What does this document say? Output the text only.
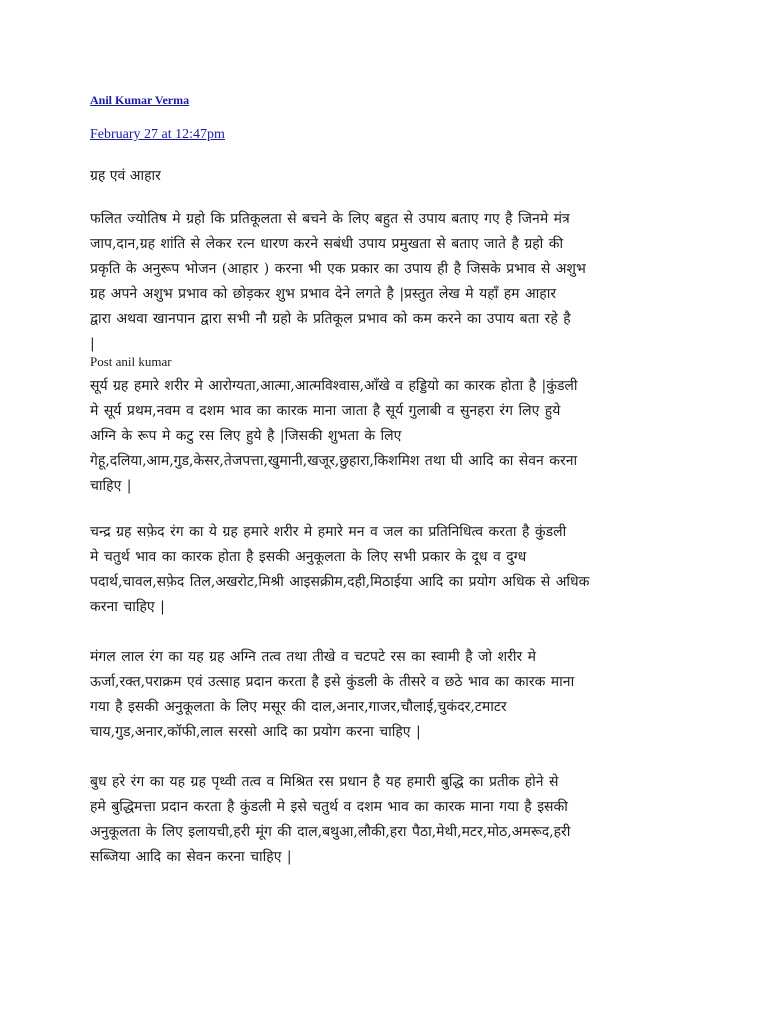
Anil Kumar Verma
February 27 at 12:47pm
ग्रह एवं आहार

फलित ज्योतिष मे ग्रहो कि प्रतिकूलता से बचने के लिए बहुत से उपाय बताए गए है जिनमे मंत्र
जाप,दान,ग्रह शांति से लेकर रत्न धारण करने सबंधी उपाय प्रमुखता से बताए जाते है ग्रहो की
प्रकृति के अनुरूप भोजन (आहार ) करना भी एक प्रकार का उपाय ही है जिसके प्रभाव से अशुभ
ग्रह अपने अशुभ प्रभाव को छोड़कर शुभ प्रभाव देने लगते है |प्रस्तुत लेख मे यहाँ हम आहार
द्वारा अथवा खानपान द्वारा सभी नौ ग्रहो के प्रतिकूल प्रभाव को कम करने का उपाय बता रहे है
|

Post anil kumar

सूर्य ग्रह हमारे शरीर मे आरोग्यता,आत्मा,आत्मविश्वास,आँखे व हड्डियो का कारक होता है |कुंडली
मे सूर्य प्रथम,नवम व दशम भाव का कारक माना जाता है सूर्य गुलाबी व सुनहरा रंग लिए हुये
अग्नि के रूप मे कटु रस लिए हुये है |जिसकी शुभता के लिए
गेहू,दलिया,आम,गुड,केसर,तेजपत्ता,खुमानी,खजूर,छुहारा,किशमिश तथा घी आदि का सेवन करना
चाहिए |

चन्द्र ग्रह सफ़ेद रंग का ये ग्रह हमारे शरीर मे हमारे मन व जल का प्रतिनिधित्व करता है कुंडली
मे चतुर्थ भाव का कारक होता है इसकी अनुकूलता के लिए सभी प्रकार के दूध व दुग्ध
पदार्थ,चावल,सफ़ेद तिल,अखरोट,मिश्री आइसक्रीम,दही,मिठाईया आदि का प्रयोग अधिक से अधिक
करना चाहिए |

मंगल लाल रंग का यह ग्रह अग्नि तत्व तथा तीखे व चटपटे रस का स्वामी है जो शरीर मे
ऊर्जा,रक्त,पराक्रम एवं उत्साह प्रदान करता है इसे कुंडली के तीसरे व छठे भाव का कारक माना
गया है इसकी अनुकूलता के लिए मसूर की दाल,अनार,गाजर,चौलाई,चुकंदर,टमाटर
चाय,गुड,अनार,कॉफी,लाल सरसो आदि का प्रयोग करना चाहिए |

बुध हरे रंग का यह ग्रह पृथ्वी तत्व व मिश्रित रस प्रधान है यह हमारी बुद्धि का प्रतीक होने से
हमे बुद्धिमत्ता प्रदान करता है कुंडली मे इसे चतुर्थ व दशम भाव का कारक माना गया है इसकी
अनुकूलता के लिए इलायची,हरी मूंग की दाल,बथुआ,लौकी,हरा पैठा,मेथी,मटर,मोठ,अमरूद,हरी
सब्जिया आदि का सेवन करना चाहिए |
